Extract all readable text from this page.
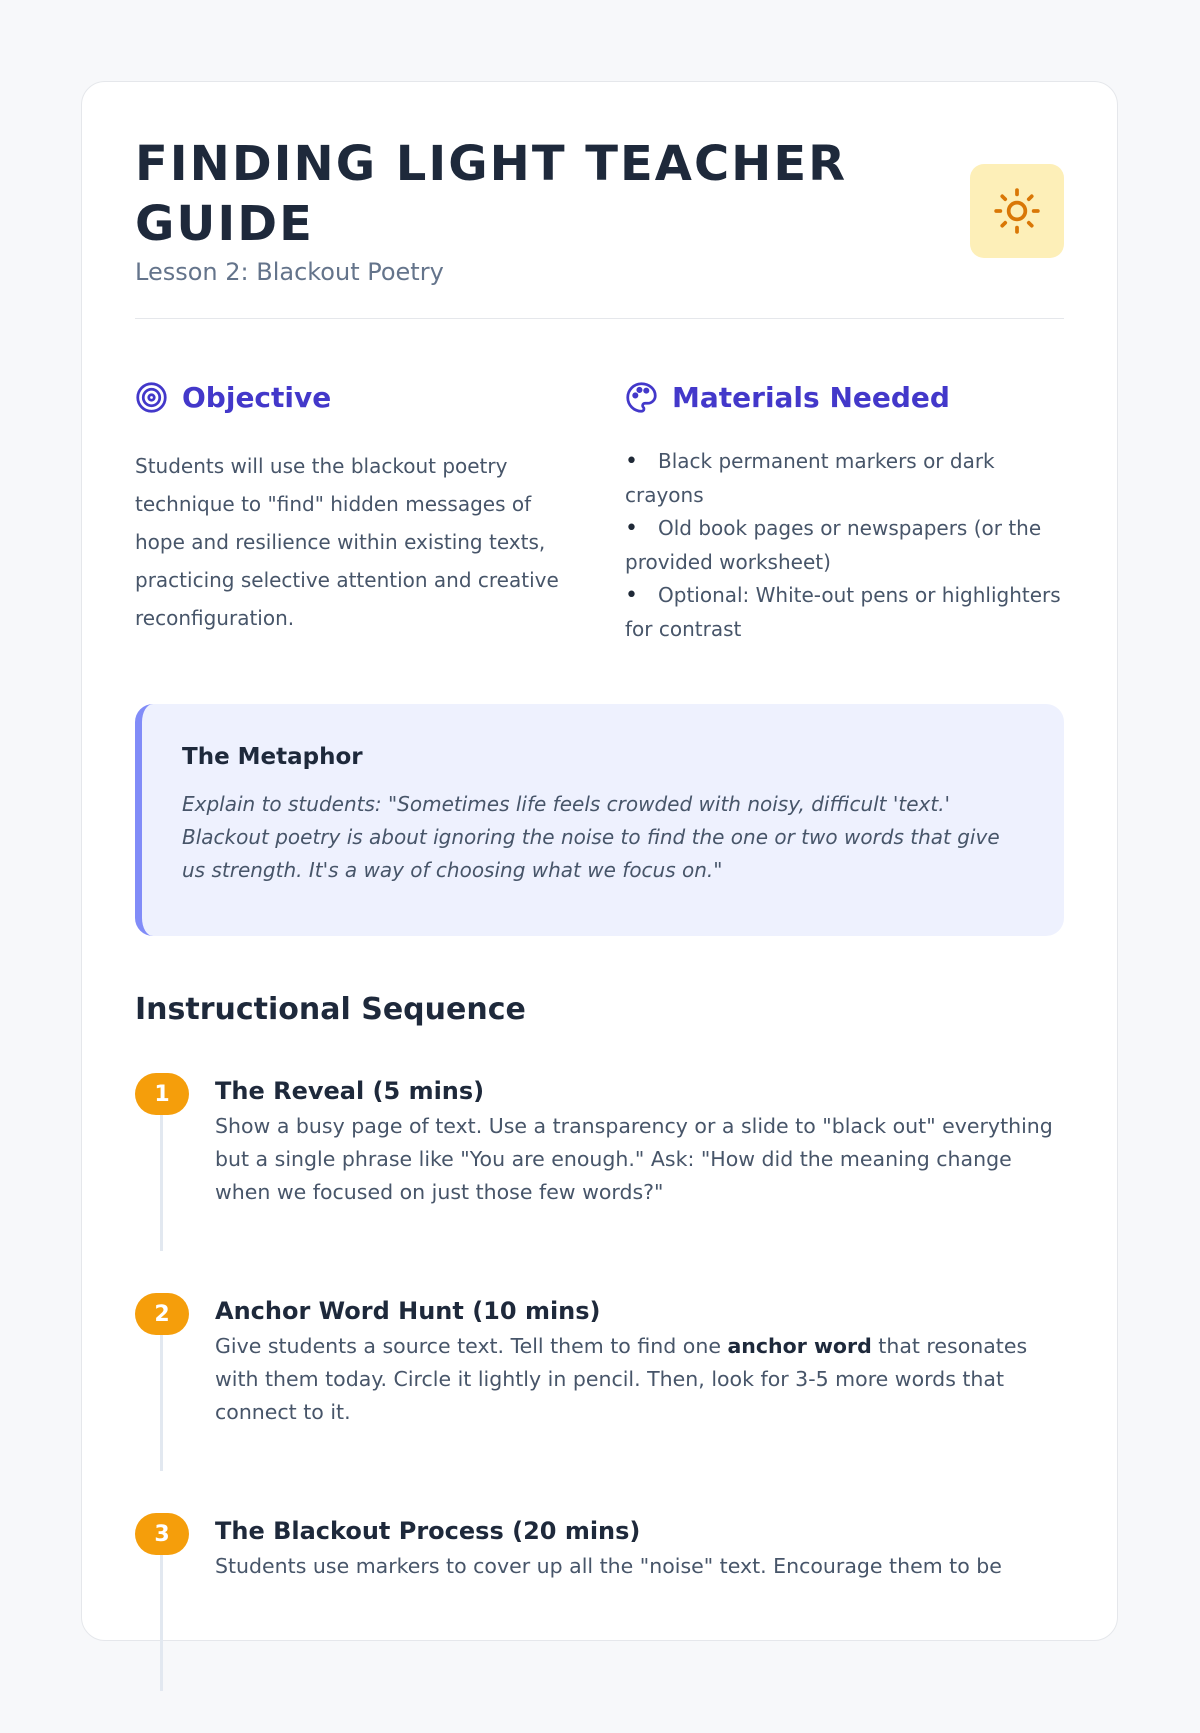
FINDING LIGHT TEACHER GUIDE
Lesson 2: Blackout Poetry
Objective

Students will use the blackout poetry technique to "find" hidden messages of hope and resilience within existing texts, practicing selective attention and creative reconfiguration.

Materials Needed
• Black permanent markers or dark crayons
• Old book pages or newspapers (or the provided worksheet)
• Optional: White-out pens or highlighters for contrast
The Metaphor
Explain to students: "Sometimes life feels crowded with noisy, difficult 'text.' Blackout poetry is about ignoring the noise to find the one or two words that give us strength. It's a way of choosing what we focus on."
Instructional Sequence
1	The Reveal (5 mins)
Show a busy page of text. Use a transparency or a slide to "black out" everything but a single phrase like "You are enough." Ask: "How did the meaning change when we focused on just those few words?"
2	Anchor Word Hunt (10 mins)
Give students a source text. Tell them to find one anchor word that resonates with them today. Circle it lightly in pencil. Then, look for 3-5 more words that connect to it.
3	The Blackout Process (20 mins)
Students use markers to cover up all the "noise" text. Encourage them to be
